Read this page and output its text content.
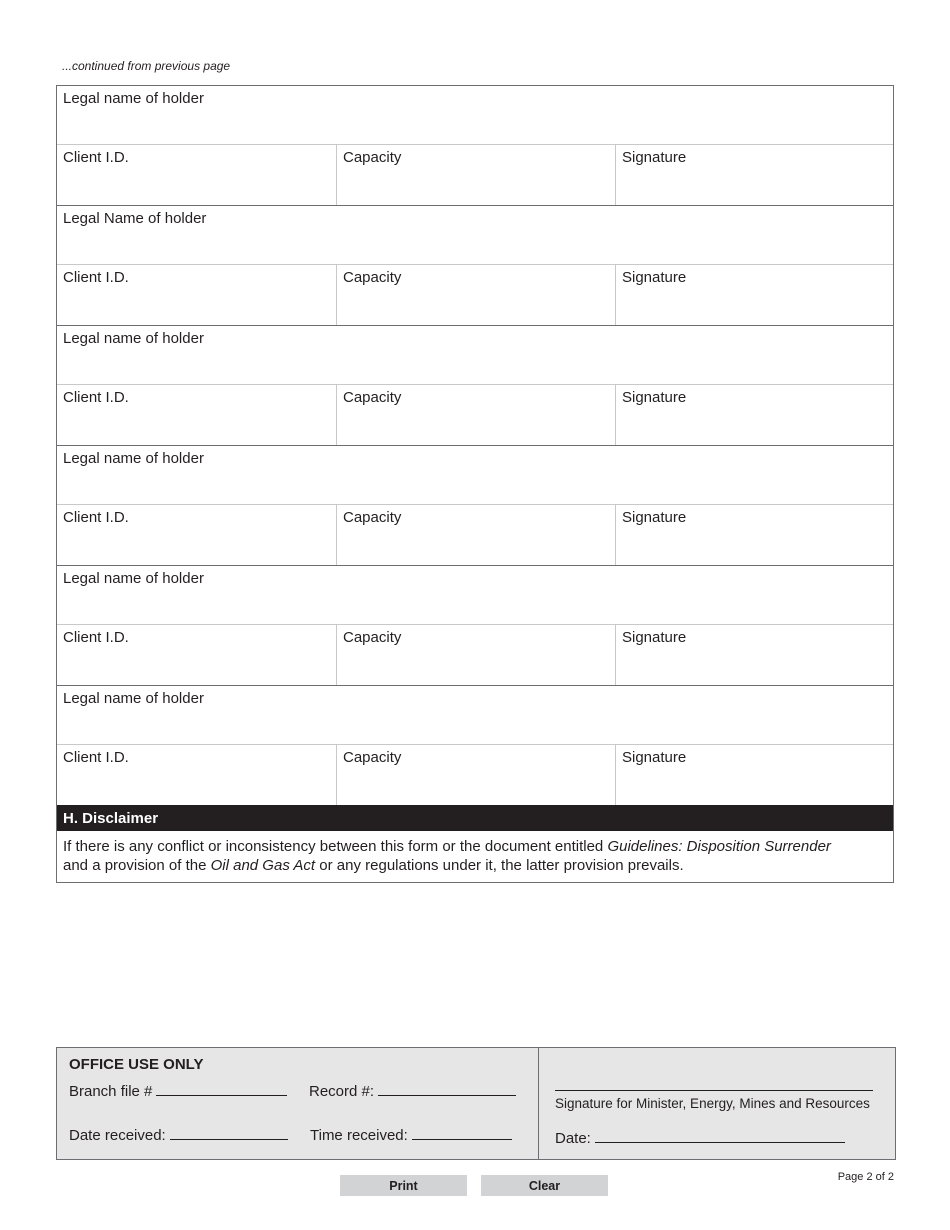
...continued from previous page
Legal name of holder
Client I.D.	Capacity	Signature
Legal Name of holder
Client I.D.	Capacity	Signature
Legal name of holder
Client I.D.	Capacity	Signature
Legal name of holder
Client I.D.	Capacity	Signature
Legal name of holder
Client I.D.	Capacity	Signature
Legal name of holder
Client I.D.	Capacity	Signature
H. Disclaimer
If there is any conflict or inconsistency between this form or the document entitled Guidelines: Disposition Surrender
and a provision of the Oil and Gas Act or any regulations under it, the latter provision prevails.
OFFICE USE ONLY
Branch file #	Record #:
Date received:	Time received:
Signature for Minister, Energy, Mines and Resources
Date:
Print	Clear
Page 2 of 2
